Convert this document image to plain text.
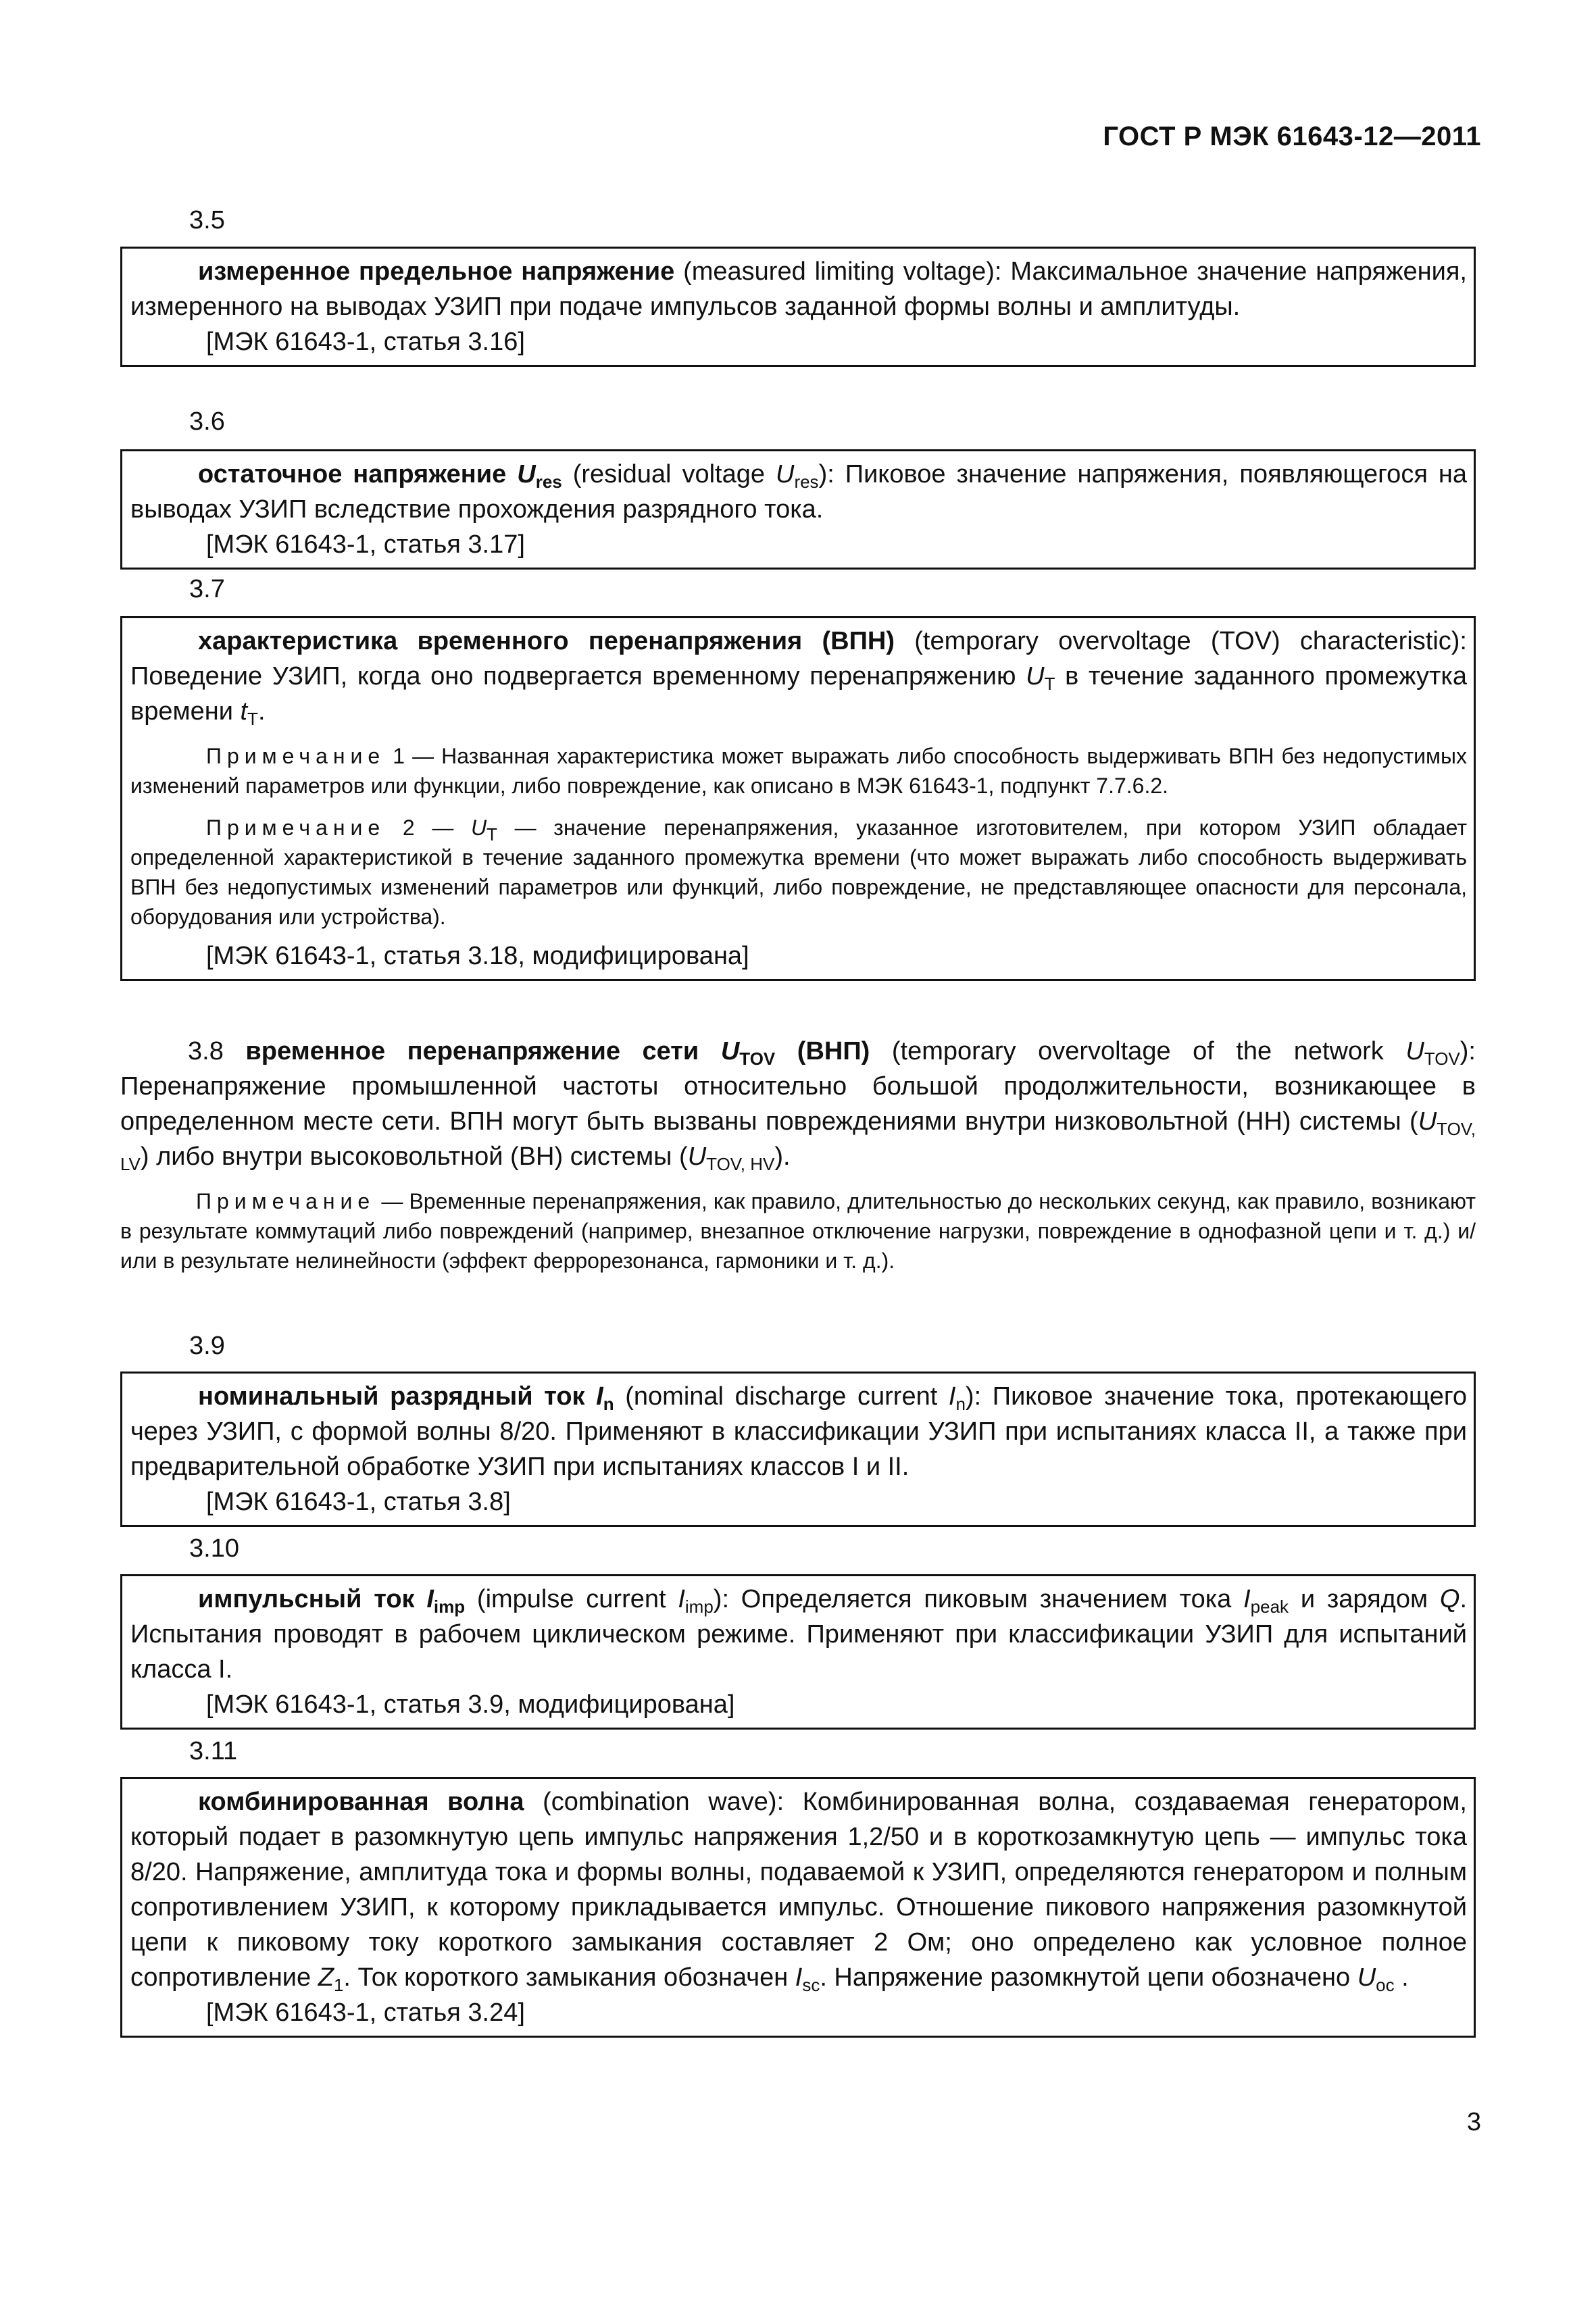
ГОСТ Р МЭК 61643-12—2011
3.5

измеренное предельное напряжение (measured limiting voltage): Максимальное значение напряжения, измеренного на выводах УЗИП при подаче импульсов заданной формы волны и амплитуды.

[МЭК 61643-1, статья 3.16]

3.6

остаточное напряжение $U_{res}$ (residual voltage $U_{res}$): Пиковое значение напряжения, появляющегося на выводах УЗИП вследствие прохождения разрядного тока.

[МЭК 61643-1, статья 3.17]

3.7

характеристика временного перенапряжения (ВПН) (temporary overvoltage (TOV) characteristic): Поведение УЗИП, когда оно подвергается временному перенапряжению $U_T$ в течение заданного промежутка времени $t_T$.

Примечание 1 — Названная характеристика может выражать либо способность выдерживать ВПН без недопустимых изменений параметров или функции, либо повреждение, как описано в МЭК 61643-1, подпункт 7.7.6.2.

Примечание 2 — $U_T$ — значение перенапряжения, указанное изготовителем, при котором УЗИП обладает определенной характеристикой в течение заданного промежутка времени (что может выражать либо способность выдерживать ВПН без недопустимых изменений параметров или функций, либо повреждение, не представляющее опасности для персонала, оборудования или устройства).

[МЭК 61643-1, статья 3.18, модифицирована]

3.8 временное перенапряжение сети $U_{TOV}$ (ВНП) (temporary overvoltage of the network $U_{TOV}$): Перенапряжение промышленной частоты относительно большой продолжительности, возникающее в определенном месте сети. ВПН могут быть вызваны повреждениями внутри низковольтной (НН) системы $(U_{TOV, LV})$ либо внутри высоковольтной (ВН) системы $(U_{TOV, HV})$.

Примечание — Временные перенапряжения, как правило, длительностью до нескольких секунд, как правило, возникают в результате коммутаций либо повреждений (например, внезапное отключение нагрузки, повреждение в однофазной цепи и т. д.) и/или в результате нелинейности (эффект феррорезонанса, гармоники и т. д.).

3.9

номинальный разрядный ток $I_n$ (nominal discharge current $I_n$): Пиковое значение тока, протекающего через УЗИП, с формой волны 8/20. Применяют в классификации УЗИП при испытаниях класса II, а также при предварительной обработке УЗИП при испытаниях классов I и II.

[МЭК 61643-1, статья 3.8]

3.10

импульсный ток $I_{imp}$ (impulse current $I_{imp}$): Определяется пиковым значением тока $I_{peak}$ и зарядом Q. Испытания проводят в рабочем циклическом режиме. Применяют при классификации УЗИП для испытаний класса I.

[МЭК 61643-1, статья 3.9, модифицирована]

3.11

комбинированная волна (combination wave): Комбинированная волна, создаваемая генератором, который подает в разомкнутую цепь импульс напряжения 1,2/50 и в короткозамкнутую цепь — импульс тока 8/20. Напряжение, амплитуда тока и формы волны, подаваемой к УЗИП, определяются генератором и полным сопротивлением УЗИП, к которому прикладывается импульс. Отношение пикового напряжения разомкнутой цепи к пиковому току короткого замыкания составляет 2 Ом; оно определено как условное полное сопротивление $Z_1$. Ток короткого замыкания обозначен $I_{sc}$. Напряжение разомкнутой цепи обозначено $U_{oc}$ .

[МЭК 61643-1, статья 3.24]

3
